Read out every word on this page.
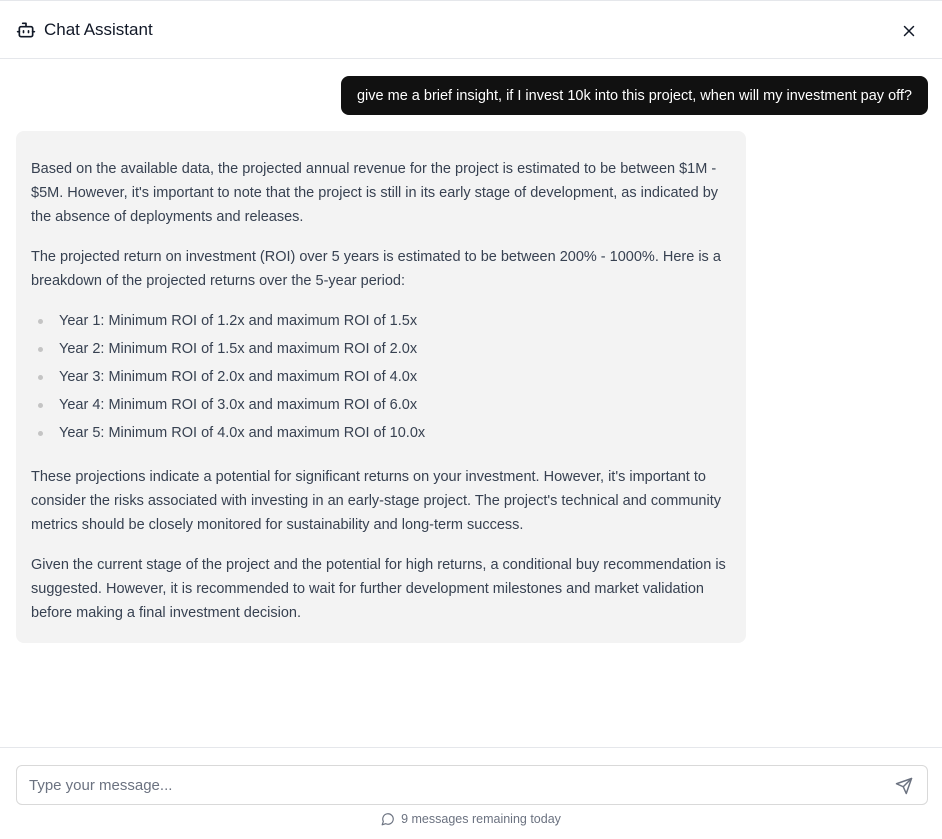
Chat Assistant
give me a brief insight, if I invest 10k into this project, when will my investment pay off?

Based on the available data, the projected annual revenue for the project is estimated to be between $1M - $5M. However, it's important to note that the project is still in its early stage of development, as indicated by the absence of deployments and releases.

The projected return on investment (ROI) over 5 years is estimated to be between 200% - 1000%. Here is a breakdown of the projected returns over the 5-year period:

Year 1: Minimum ROI of 1.2x and maximum ROI of 1.5x
Year 2: Minimum ROI of 1.5x and maximum ROI of 2.0x
Year 3: Minimum ROI of 2.0x and maximum ROI of 4.0x
Year 4: Minimum ROI of 3.0x and maximum ROI of 6.0x
Year 5: Minimum ROI of 4.0x and maximum ROI of 10.0x

These projections indicate a potential for significant returns on your investment. However, it's important to consider the risks associated with investing in an early-stage project. The project's technical and community metrics should be closely monitored for sustainability and long-term success.

Given the current stage of the project and the potential for high returns, a conditional buy recommendation is suggested. However, it is recommended to wait for further development milestones and market validation before making a final investment decision.

Type your message...
9 messages remaining today
